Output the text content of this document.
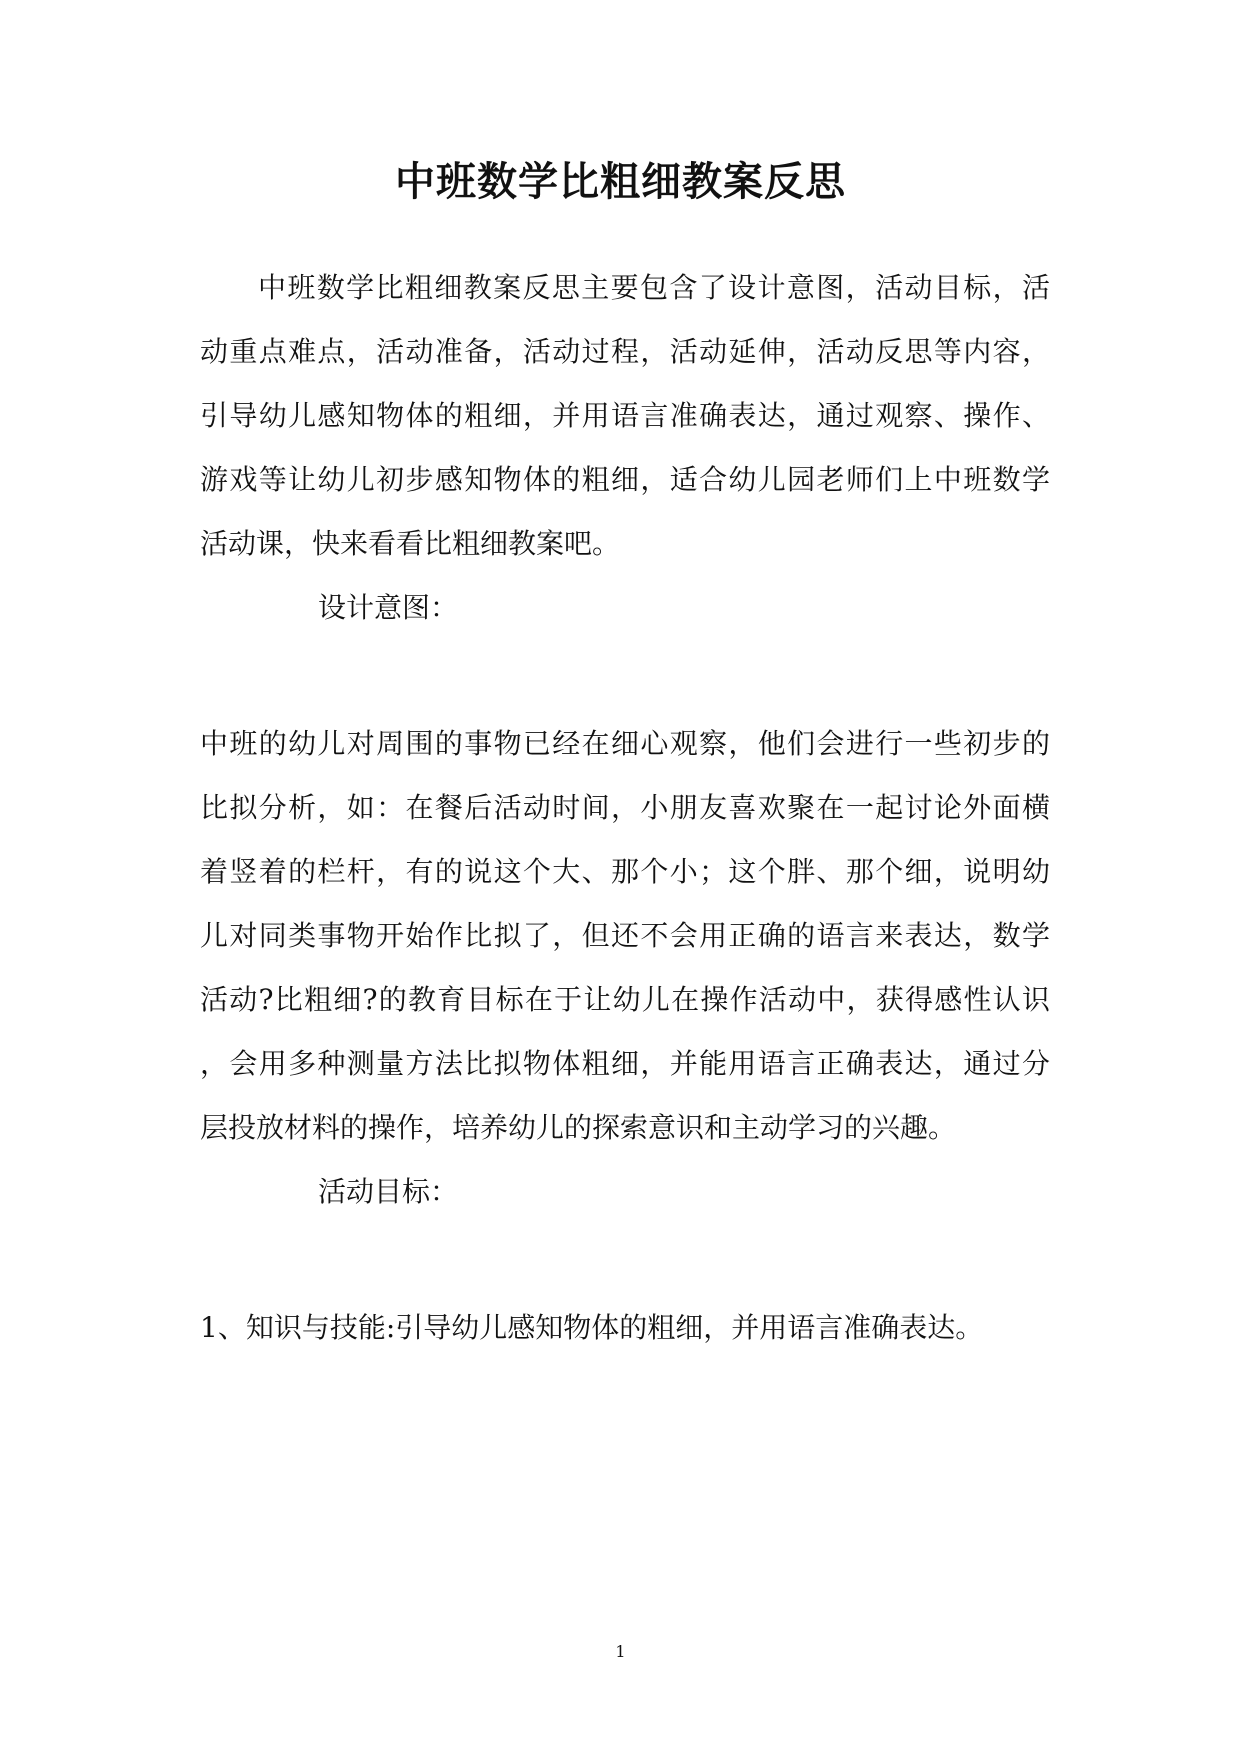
中班数学比粗细教案反思
中班数学比粗细教案反思主要包含了设计意图，活动目标，活
动重点难点，活动准备，活动过程，活动延伸，活动反思等内容，
引导幼儿感知物体的粗细，并用语言准确表达，通过观察、操作、
游戏等让幼儿初步感知物体的粗细，适合幼儿园老师们上中班数学
活动课，快来看看比粗细教案吧。
设计意图：
中班的幼儿对周围的事物已经在细心观察，他们会进行一些初步的
比拟分析，如：在餐后活动时间，小朋友喜欢聚在一起讨论外面横
着竖着的栏杆，有的说这个大、那个小；这个胖、那个细，说明幼
儿对同类事物开始作比拟了，但还不会用正确的语言来表达，数学
活动?比粗细?的教育目标在于让幼儿在操作活动中，获得感性认识
，会用多种测量方法比拟物体粗细，并能用语言正确表达，通过分
层投放材料的操作，培养幼儿的探索意识和主动学习的兴趣。
活动目标：
1、知识与技能:引导幼儿感知物体的粗细，并用语言准确表达。
1
